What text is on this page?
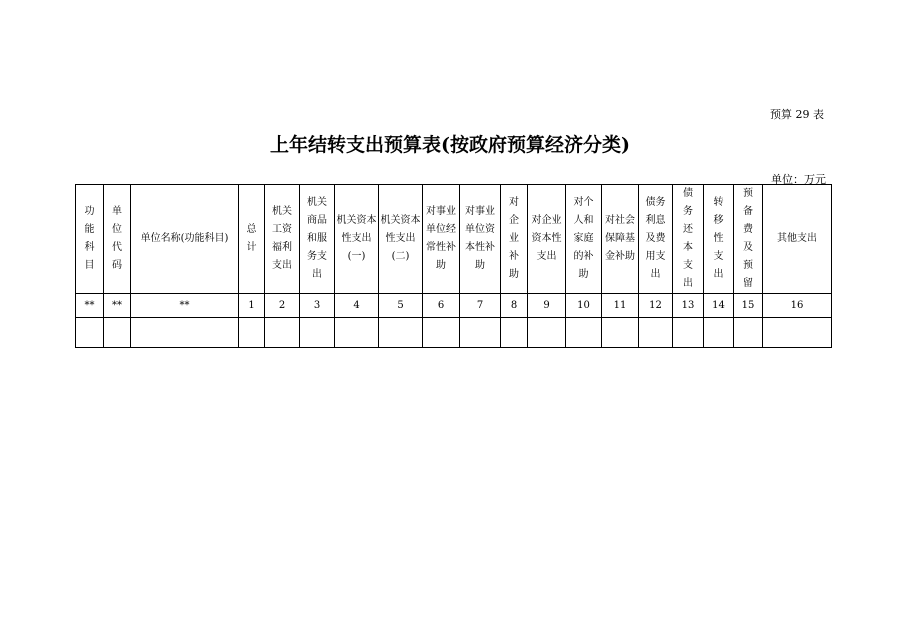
预算 29 表
上年结转支出预算表(按政府预算经济分类)
单位：万元
功能科目	单位代码	单位名称(功能科目)	总计	机关工资福利支出	机关商品和服务支出	机关资本性支出(一)	机关资本性支出(二)	对事业单位经常性补助	对事业单位资本性补助	对企业补助	对企业资本性支出	对个人和家庭的补助	对社会保障基金补助	债务利息及费用支出	债务还本支出	转移性支出	预备费及预留	其他支出
**	**	**	1	2	3	4	5	6	7	8	9	10	11	12	13	14	15	16
